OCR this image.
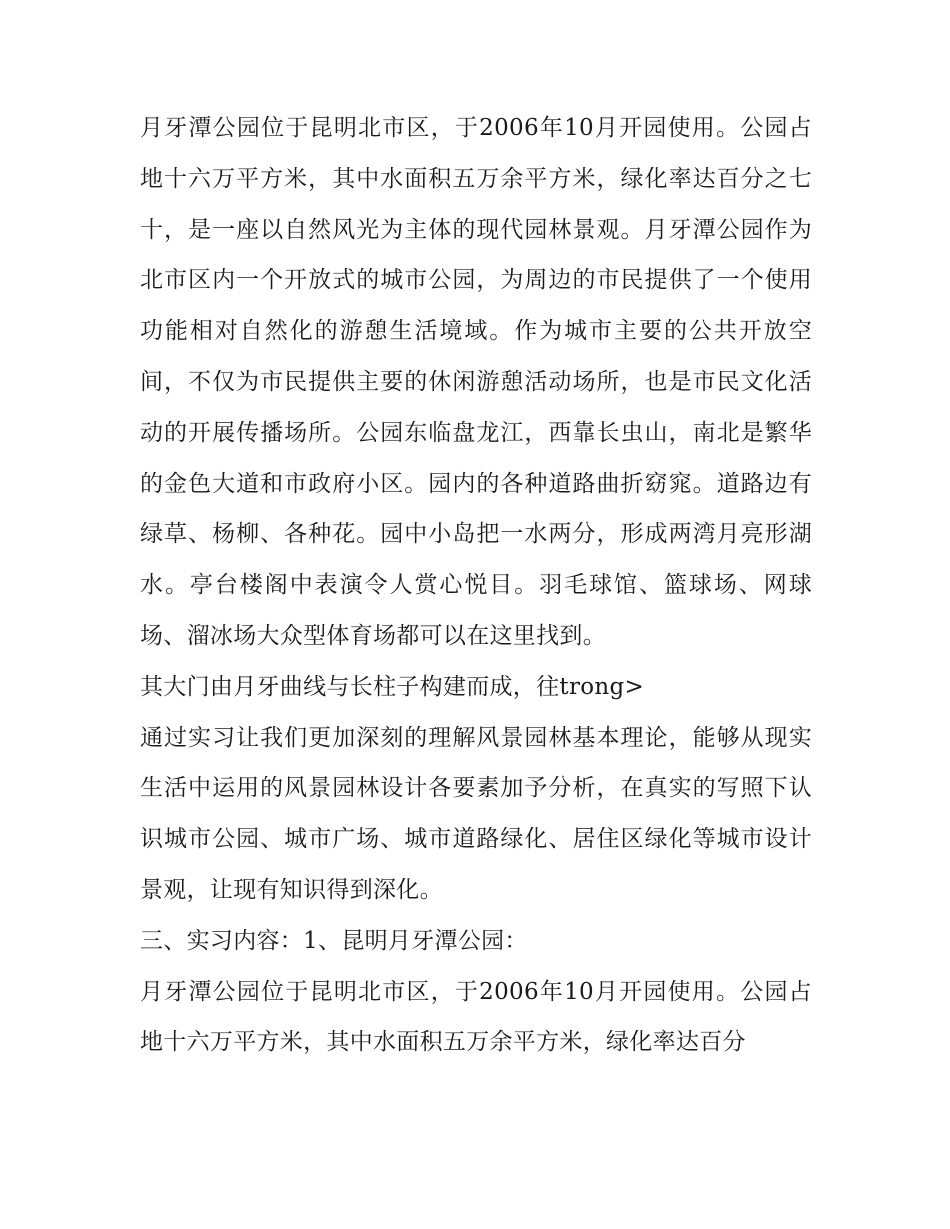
月牙潭公园位于昆明北市区，于2006年10月开园使用。公园占地十六万平方米，其中水面积五万余平方米，绿化率达百分之七十，是一座以自然风光为主体的现代园林景观。月牙潭公园作为北市区内一个开放式的城市公园，为周边的市民提供了一个使用功能相对自然化的游憩生活境域。作为城市主要的公共开放空间，不仅为市民提供主要的休闲游憩活动场所，也是市民文化活动的开展传播场所。公园东临盘龙江，西靠长虫山，南北是繁华的金色大道和市政府小区。园内的各种道路曲折窈窕。道路边有绿草、杨柳、各种花。园中小岛把一水两分，形成两湾月亮形湖水。亭台楼阁中表演令人赏心悦目。羽毛球馆、篮球场、网球场、溜冰场大众型体育场都可以在这里找到。

其大门由月牙曲线与长柱子构建而成，往trong>

通过实习让我们更加深刻的理解风景园林基本理论，能够从现实生活中运用的风景园林设计各要素加予分析，在真实的写照下认识城市公园、城市广场、城市道路绿化、居住区绿化等城市设计景观，让现有知识得到深化。

三、实习内容：1、昆明月牙潭公园：

月牙潭公园位于昆明北市区，于2006年10月开园使用。公园占地十六万平方米，其中水面积五万余平方米，绿化率达百分
